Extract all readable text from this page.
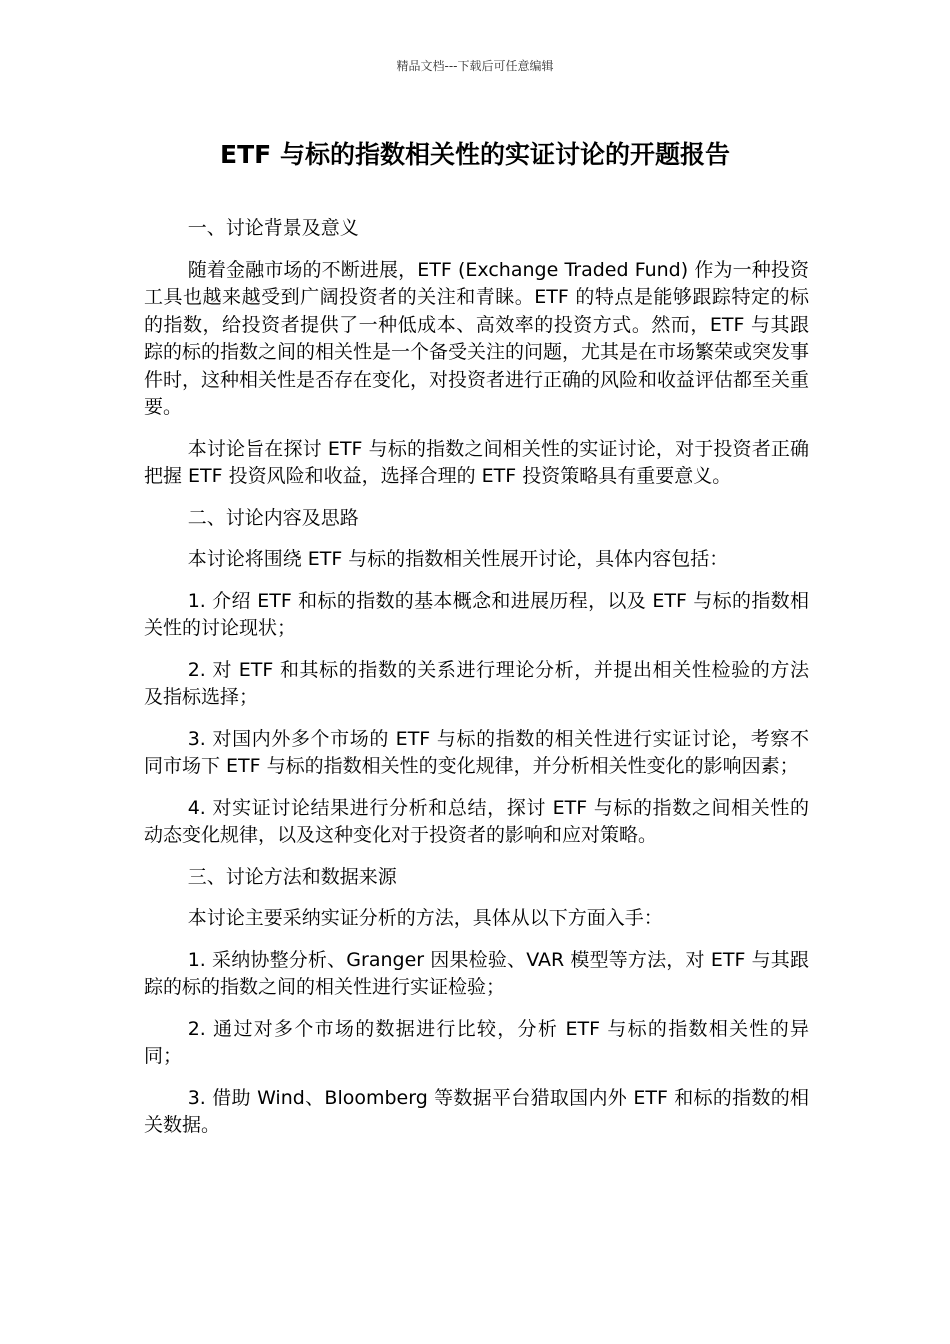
精品文档---下载后可任意编辑
ETF 与标的指数相关性的实证讨论的开题报告

一、讨论背景及意义

随着金融市场的不断进展，ETF (Exchange Traded Fund) 作为一种投资工具也越来越受到广阔投资者的关注和青睐。ETF 的特点是能够跟踪特定的标的指数，给投资者提供了一种低成本、高效率的投资方式。然而，ETF 与其跟踪的标的指数之间的相关性是一个备受关注的问题，尤其是在市场繁荣或突发事件时，这种相关性是否存在变化，对投资者进行正确的风险和收益评估都至关重要。

本讨论旨在探讨 ETF 与标的指数之间相关性的实证讨论，对于投资者正确把握 ETF 投资风险和收益，选择合理的 ETF 投资策略具有重要意义。

二、讨论内容及思路

本讨论将围绕 ETF 与标的指数相关性展开讨论，具体内容包括：

1. 介绍 ETF 和标的指数的基本概念和进展历程，以及 ETF 与标的指数相关性的讨论现状；

2. 对 ETF 和其标的指数的关系进行理论分析，并提出相关性检验的方法及指标选择；

3. 对国内外多个市场的 ETF 与标的指数的相关性进行实证讨论，考察不同市场下 ETF 与标的指数相关性的变化规律，并分析相关性变化的影响因素；

4. 对实证讨论结果进行分析和总结，探讨 ETF 与标的指数之间相关性的动态变化规律，以及这种变化对于投资者的影响和应对策略。

三、讨论方法和数据来源

本讨论主要采纳实证分析的方法，具体从以下方面入手：

1. 采纳协整分析、Granger 因果检验、VAR 模型等方法，对 ETF 与其跟踪的标的指数之间的相关性进行实证检验；

2. 通过对多个市场的数据进行比较，分析 ETF 与标的指数相关性的异同；

3. 借助 Wind、Bloomberg 等数据平台猎取国内外 ETF 和标的指数的相关数据。
